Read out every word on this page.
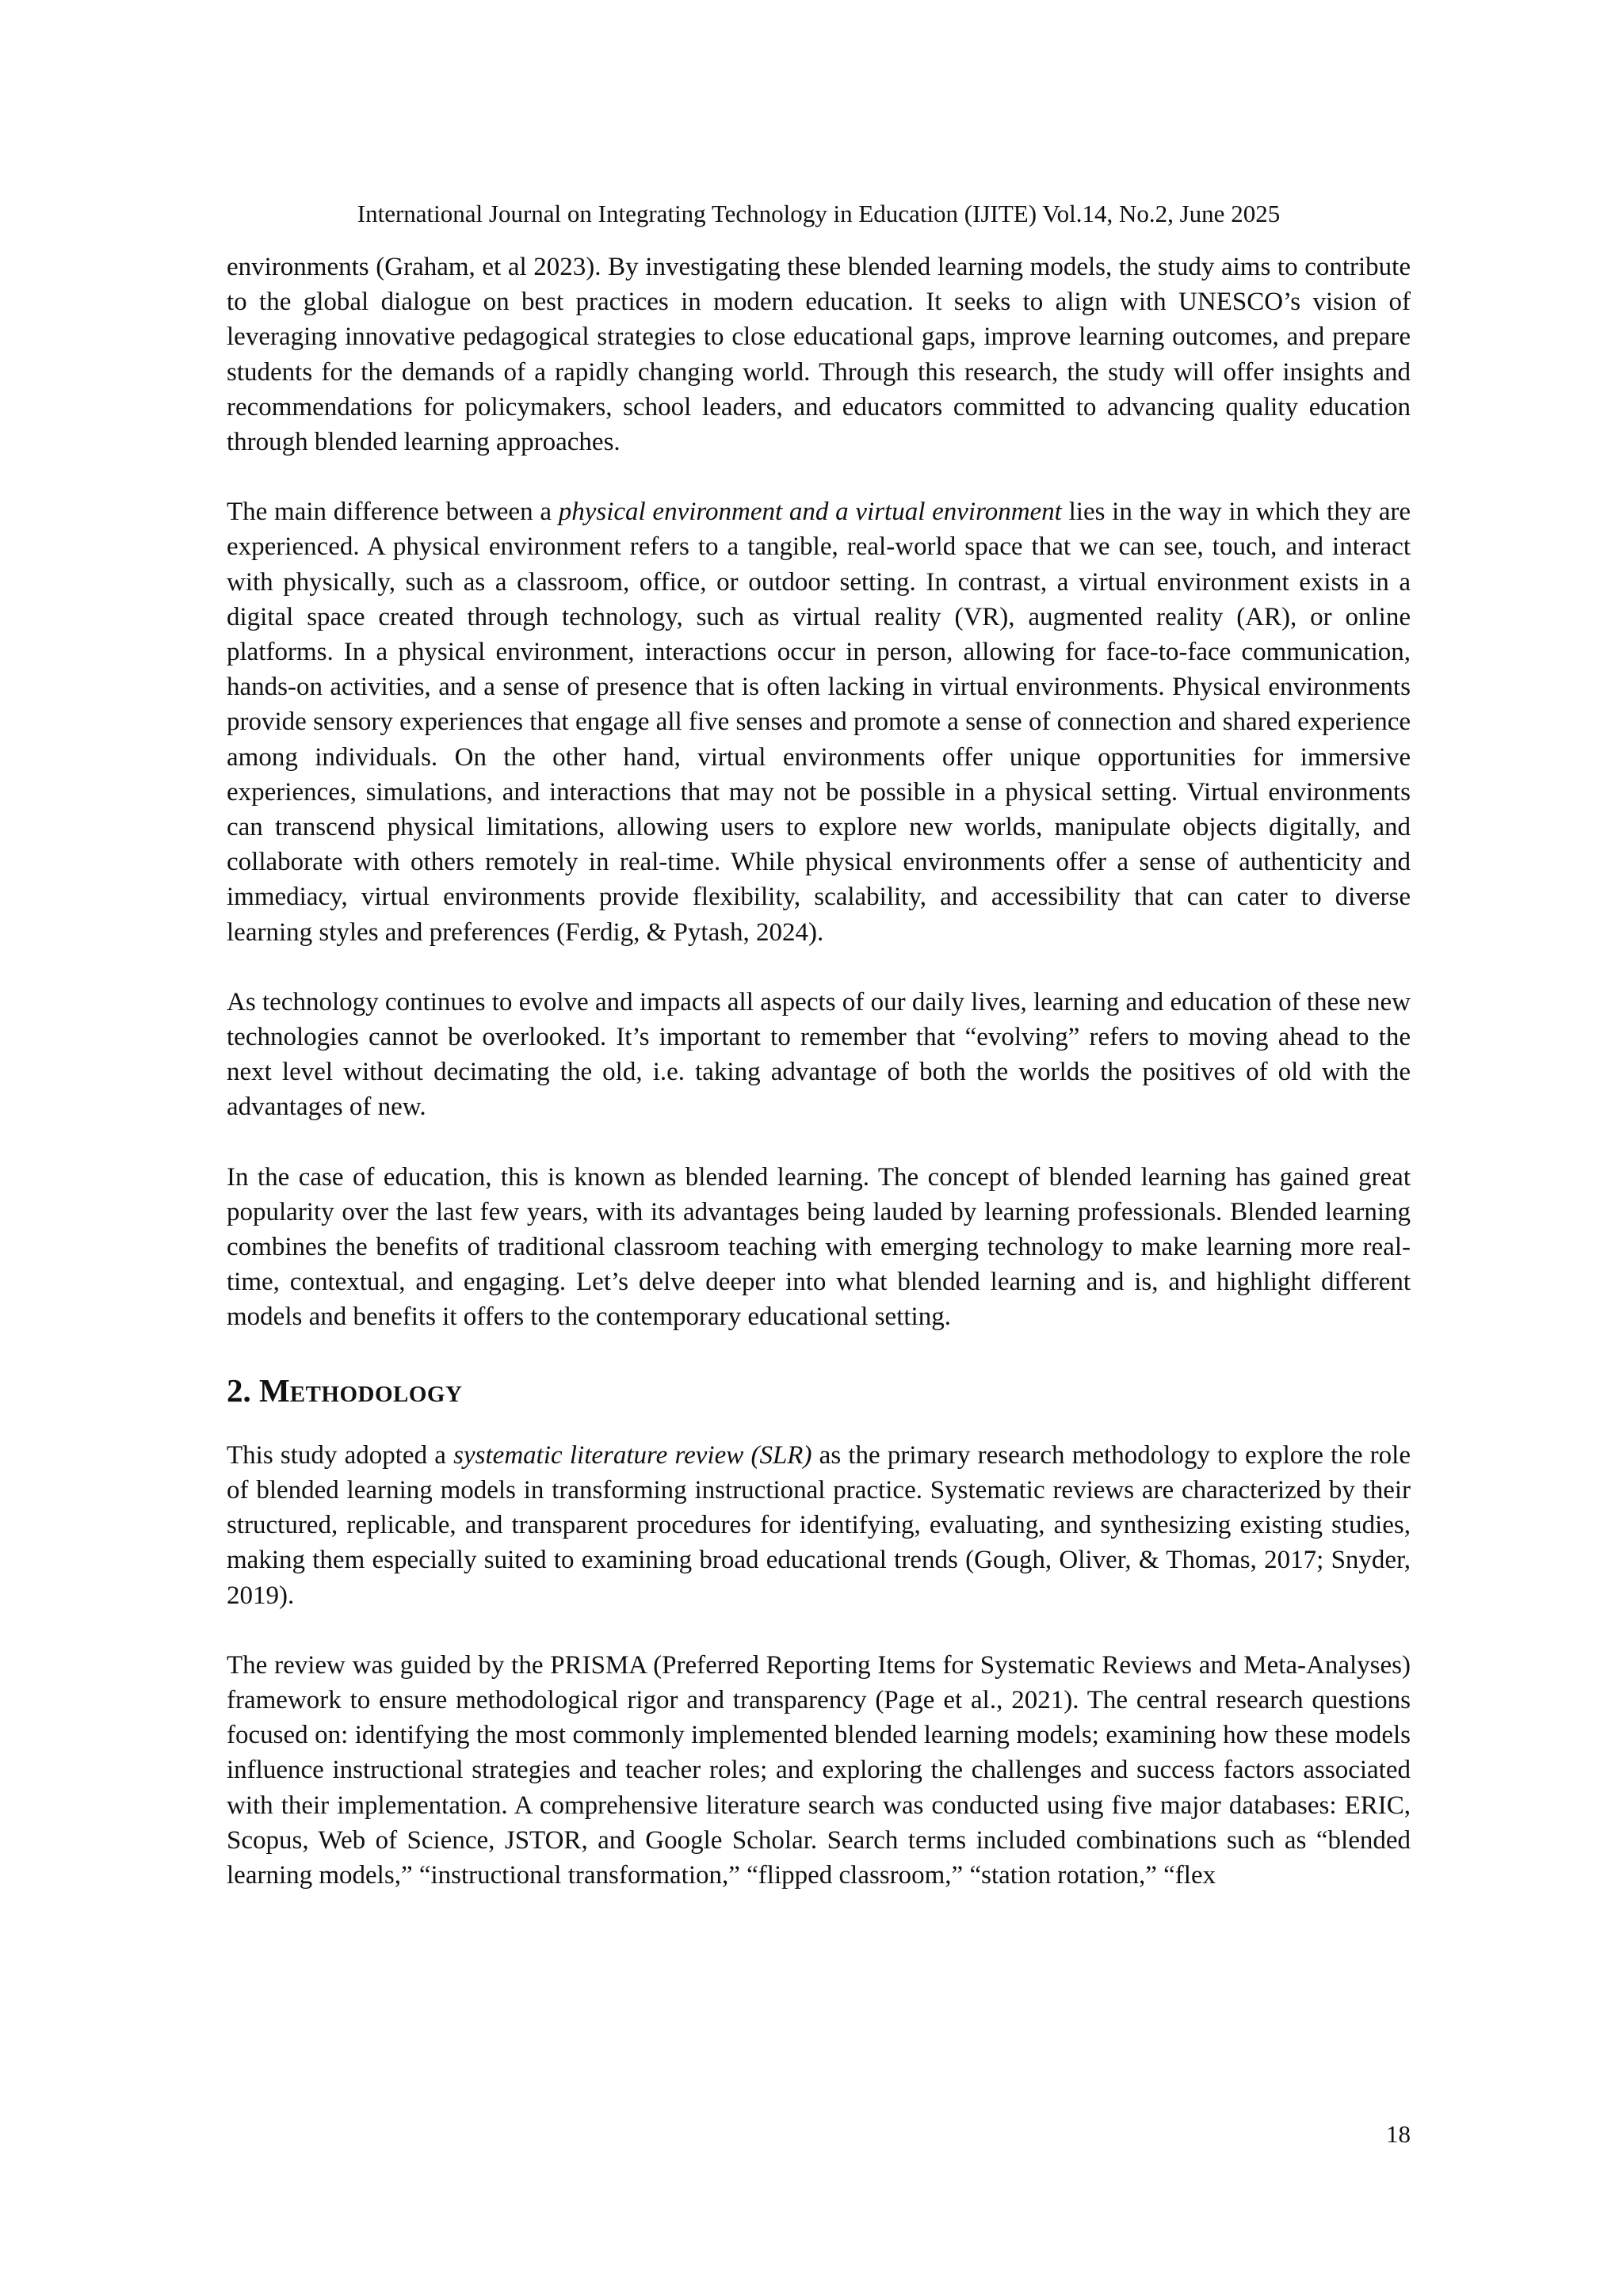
International Journal on Integrating Technology in Education (IJITE) Vol.14, No.2, June 2025

environments (Graham, et al 2023). By investigating these blended learning models, the study aims to contribute to the global dialogue on best practices in modern education. It seeks to align with UNESCO’s vision of leveraging innovative pedagogical strategies to close educational gaps, improve learning outcomes, and prepare students for the demands of a rapidly changing world. Through this research, the study will offer insights and recommendations for policymakers, school leaders, and educators committed to advancing quality education through blended learning approaches.

The main difference between a physical environment and a virtual environment lies in the way in which they are experienced. A physical environment refers to a tangible, real-world space that we can see, touch, and interact with physically, such as a classroom, office, or outdoor setting. In contrast, a virtual environment exists in a digital space created through technology, such as virtual reality (VR), augmented reality (AR), or online platforms. In a physical environment, interactions occur in person, allowing for face-to-face communication, hands-on activities, and a sense of presence that is often lacking in virtual environments. Physical environments provide sensory experiences that engage all five senses and promote a sense of connection and shared experience among individuals. On the other hand, virtual environments offer unique opportunities for immersive experiences, simulations, and interactions that may not be possible in a physical setting. Virtual environments can transcend physical limitations, allowing users to explore new worlds, manipulate objects digitally, and collaborate with others remotely in real-time. While physical environments offer a sense of authenticity and immediacy, virtual environments provide flexibility, scalability, and accessibility that can cater to diverse learning styles and preferences (Ferdig, & Pytash, 2024).

As technology continues to evolve and impacts all aspects of our daily lives, learning and education of these new technologies cannot be overlooked. It’s important to remember that “evolving” refers to moving ahead to the next level without decimating the old, i.e. taking advantage of both the worlds the positives of old with the advantages of new.

In the case of education, this is known as blended learning. The concept of blended learning has gained great popularity over the last few years, with its advantages being lauded by learning professionals. Blended learning combines the benefits of traditional classroom teaching with emerging technology to make learning more real-time, contextual, and engaging. Let’s delve deeper into what blended learning and is, and highlight different models and benefits it offers to the contemporary educational setting.

2. Methodology

This study adopted a systematic literature review (SLR) as the primary research methodology to explore the role of blended learning models in transforming instructional practice. Systematic reviews are characterized by their structured, replicable, and transparent procedures for identifying, evaluating, and synthesizing existing studies, making them especially suited to examining broad educational trends (Gough, Oliver, & Thomas, 2017; Snyder, 2019).

The review was guided by the PRISMA (Preferred Reporting Items for Systematic Reviews and Meta-Analyses) framework to ensure methodological rigor and transparency (Page et al., 2021). The central research questions focused on: identifying the most commonly implemented blended learning models; examining how these models influence instructional strategies and teacher roles; and exploring the challenges and success factors associated with their implementation. A comprehensive literature search was conducted using five major databases: ERIC, Scopus, Web of Science, JSTOR, and Google Scholar. Search terms included combinations such as “blended learning models,” “instructional transformation,” “flipped classroom,” “station rotation,” “flex

18
